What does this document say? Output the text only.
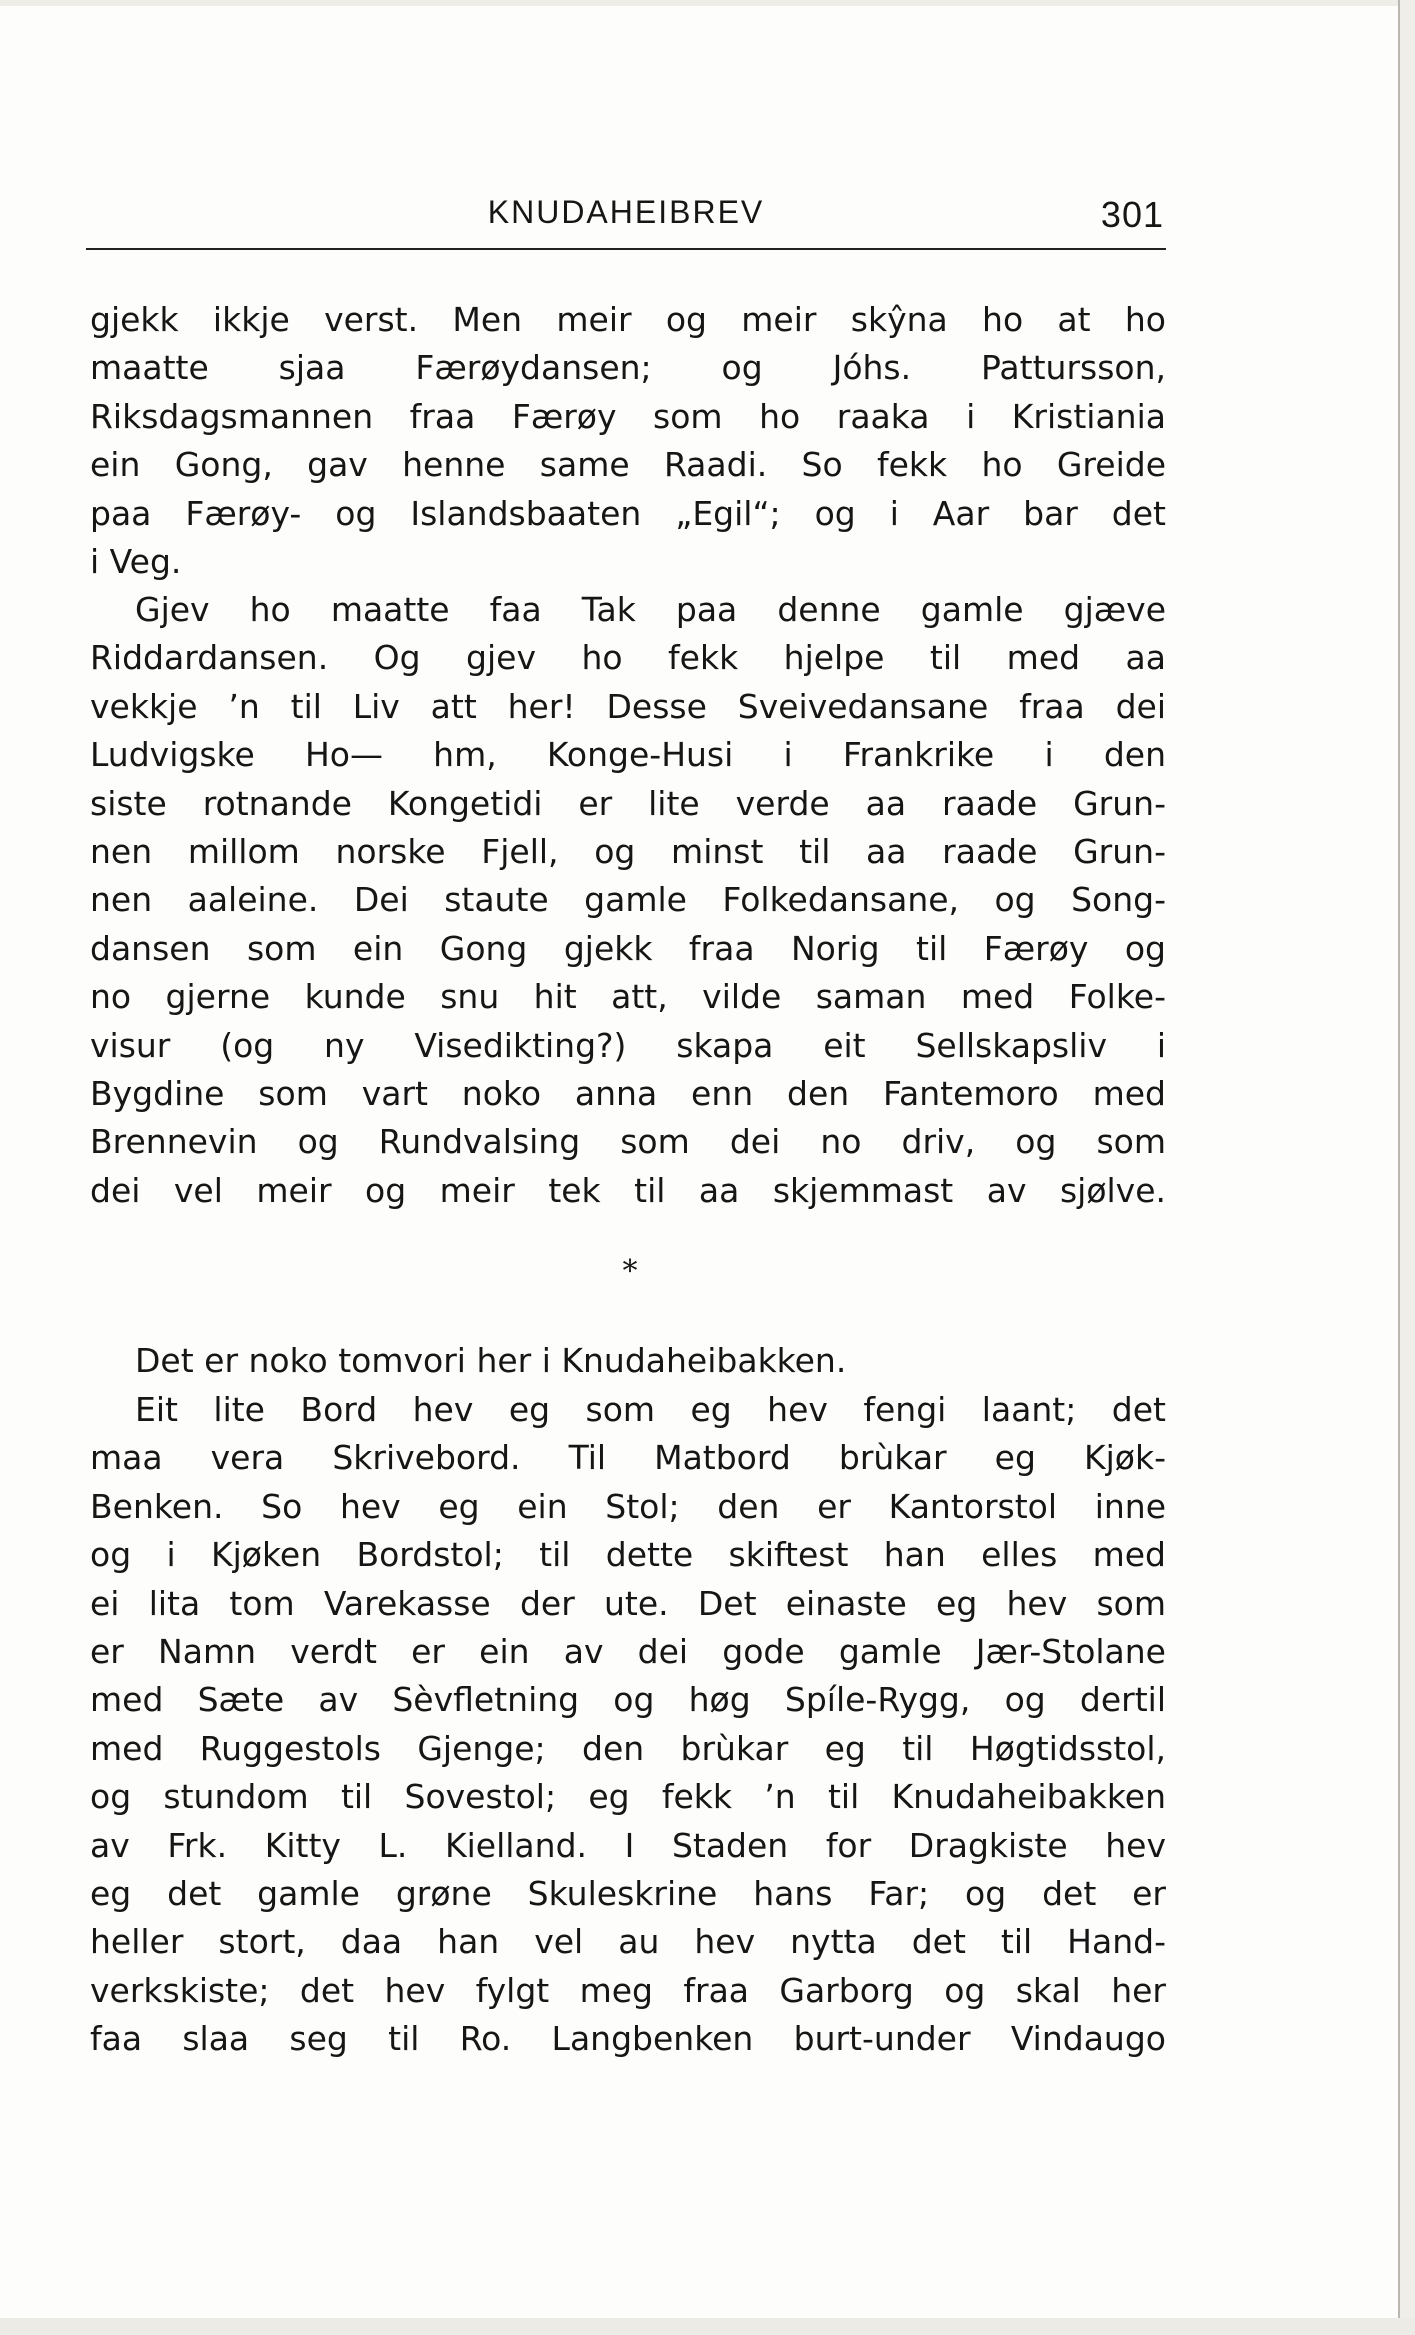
KNUDAHEIBREV	301
gjekk ikkje verst. Men meir og meir skŷna ho at ho
maatte sjaa Færøydansen; og Jóhs. Pattursson,
Riksdagsmannen fraa Færøy som ho raaka i Kristiania
ein Gong, gav henne same Raadi. So fekk ho Greide
paa Færøy- og Islandsbaaten „Egil“; og i Aar bar det
i Veg.
Gjev ho maatte faa Tak paa denne gamle gjæve
Riddardansen. Og gjev ho fekk hjelpe til med aa
vekkje ’n til Liv att her! Desse Sveivedansane fraa dei
Ludvigske Ho— hm, Konge-Husi i Frankrike i den
siste rotnande Kongetidi er lite verde aa raade Grun-
nen millom norske Fjell, og minst til aa raade Grun-
nen aaleine. Dei staute gamle Folkedansane, og Song-
dansen som ein Gong gjekk fraa Norig til Færøy og
no gjerne kunde snu hit att, vilde saman med Folke-
visur (og ny Visedikting?) skapa eit Sellskapsliv i
Bygdine som vart noko anna enn den Fantemoro med
Brennevin og Rundvalsing som dei no driv, og som
dei vel meir og meir tek til aa skjemmast av sjølve.
*
Det er noko tomvori her i Knudaheibakken.
Eit lite Bord hev eg som eg hev fengi laant; det
maa vera Skrivebord. Til Matbord brùkar eg Kjøk-
Benken. So hev eg ein Stol; den er Kantorstol inne
og i Kjøken Bordstol; til dette skiftest han elles med
ei lita tom Varekasse der ute. Det einaste eg hev som
er Namn verdt er ein av dei gode gamle Jær-Stolane
med Sæte av Sèvfletning og høg Spíle-Rygg, og dertil
med Ruggestols Gjenge; den brùkar eg til Høgtidsstol,
og stundom til Sovestol; eg fekk ’n til Knudaheibakken
av Frk. Kitty L. Kielland. I Staden for Dragkiste hev
eg det gamle grøne Skuleskrine hans Far; og det er
heller stort, daa han vel au hev nytta det til Hand-
verkskiste; det hev fylgt meg fraa Garborg og skal her
faa slaa seg til Ro. Langbenken burt-under Vindaugo
